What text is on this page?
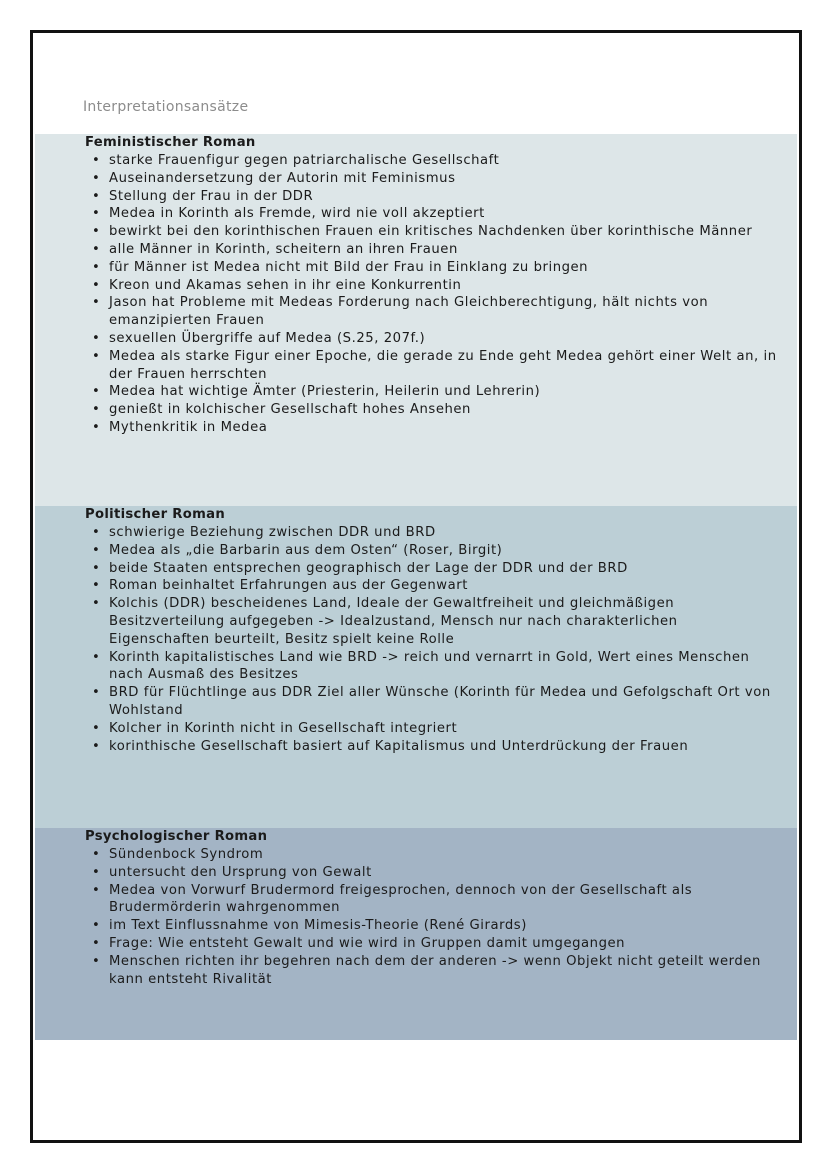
Interpretationsansätze
Feministischer Roman
• starke Frauenfigur gegen patriarchalische Gesellschaft
• Auseinandersetzung der Autorin mit Feminismus
• Stellung der Frau in der DDR
• Medea in Korinth als Fremde, wird nie voll akzeptiert
• bewirkt bei den korinthischen Frauen ein kritisches Nachdenken über korinthische Männer
• alle Männer in Korinth, scheitern an ihren Frauen
• für Männer ist Medea nicht mit Bild der Frau in Einklang zu bringen
• Kreon und Akamas sehen in ihr eine Konkurrentin
• Jason hat Probleme mit Medeas Forderung nach Gleichberechtigung, hält nichts von emanzipierten Frauen
• sexuellen Übergriffe auf Medea (S.25, 207f.)
• Medea als starke Figur einer Epoche, die gerade zu Ende geht Medea gehört einer Welt an, in der Frauen herrschten
• Medea hat wichtige Ämter (Priesterin, Heilerin und Lehrerin)
• genießt in kolchischer Gesellschaft hohes Ansehen
• Mythenkritik in Medea
Politischer Roman
• schwierige Beziehung zwischen DDR und BRD
• Medea als „die Barbarin aus dem Osten“ (Roser, Birgit)
• beide Staaten entsprechen geographisch der Lage der DDR und der BRD
• Roman beinhaltet Erfahrungen aus der Gegenwart
• Kolchis (DDR) bescheidenes Land, Ideale der Gewaltfreiheit und gleichmäßigen Besitzverteilung aufgegeben -> Idealzustand, Mensch nur nach charakterlichen Eigenschaften beurteilt, Besitz spielt keine Rolle
• Korinth kapitalistisches Land wie BRD -> reich und vernarrt in Gold, Wert eines Menschen nach Ausmaß des Besitzes
• BRD für Flüchtlinge aus DDR Ziel aller Wünsche (Korinth für Medea und Gefolgschaft Ort von Wohlstand
• Kolcher in Korinth nicht in Gesellschaft integriert
• korinthische Gesellschaft basiert auf Kapitalismus und Unterdrückung der Frauen
Psychologischer Roman
• Sündenbock Syndrom
• untersucht den Ursprung von Gewalt
• Medea von Vorwurf Brudermord freigesprochen, dennoch von der Gesellschaft als Brudermörderin wahrgenommen
• im Text Einflussnahme von Mimesis-Theorie (René Girards)
• Frage: Wie entsteht Gewalt und wie wird in Gruppen damit umgegangen
• Menschen richten ihr begehren nach dem der anderen -> wenn Objekt nicht geteilt werden kann entsteht Rivalität
